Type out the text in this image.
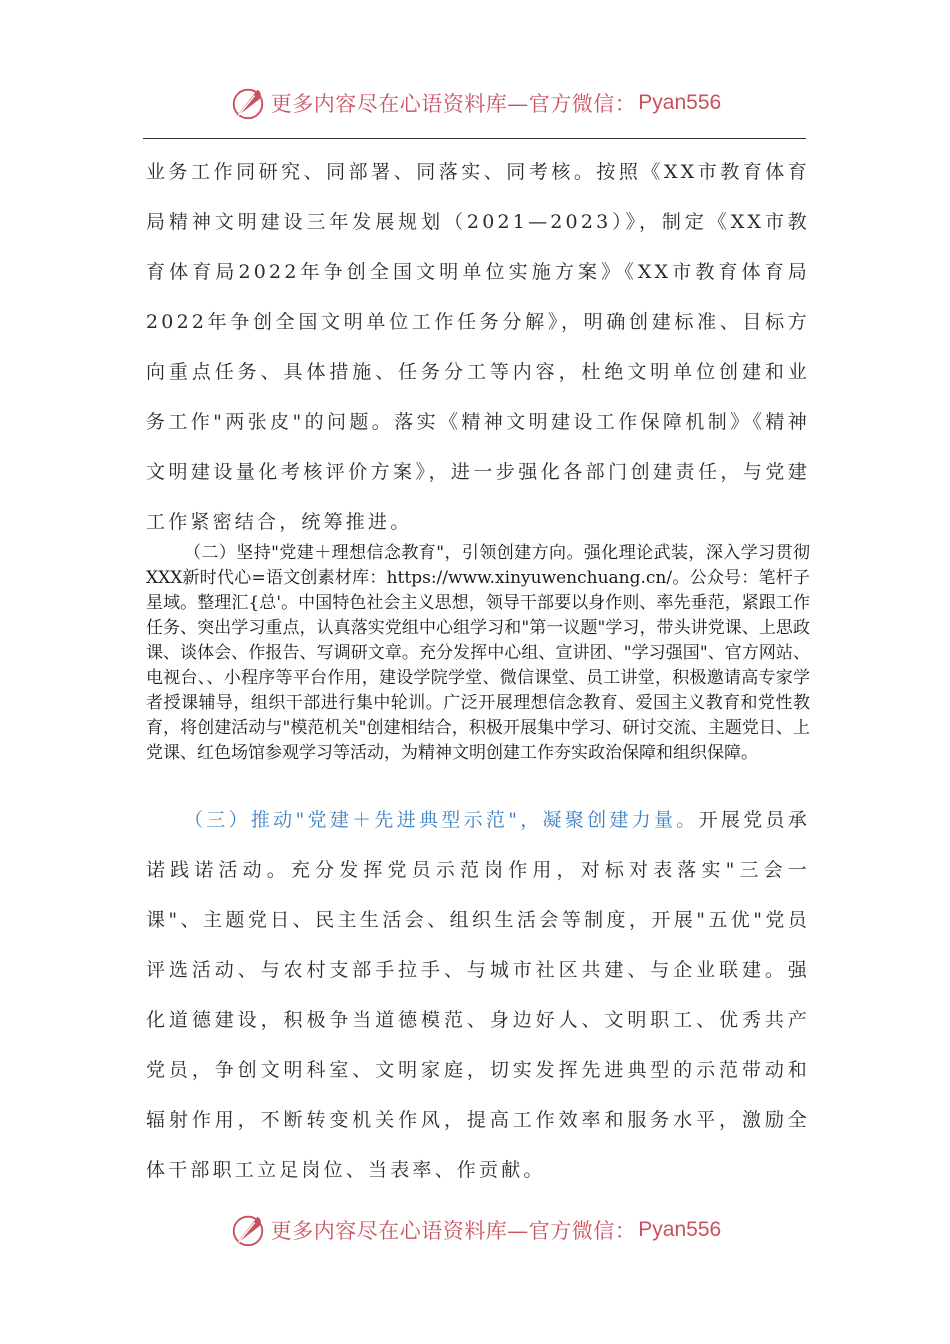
更多内容尽在心语资料库—官方微信： Pyan556

业务工作同研究、同部署、同落实、同考核。按照《XX市教育体育局精神文明建设三年发展规划（2021—2023）》，制定《XX市教育体育局2022年争创全国文明单位实施方案》《XX市教育体育局2022年争创全国文明单位工作任务分解》，明确创建标准、目标方向重点任务、具体措施、任务分工等内容，杜绝文明单位创建和业务工作"两张皮"的问题。落实《精神文明建设工作保障机制》《精神文明建设量化考核评价方案》，进一步强化各部门创建责任，与党建工作紧密结合，统筹推进。

（二）坚持"党建＋理想信念教育"，引领创建方向。强化理论武装，深入学习贯彻XXX新时代心=语文创素材库：https://www.xinyuwenchuang.cn/。公众号：笔杆子星域。整理汇{总'。中国特色社会主义思想，领导干部要以身作则、率先垂范，紧跟工作任务、突出学习重点，认真落实党组中心组学习和"第一议题"学习，带头讲党课、上思政课、谈体会、作报告、写调研文章。充分发挥中心组、宣讲团、"学习强国"、官方网站、电视台、、小程序等平台作用，建设学院学堂、微信课堂、员工讲堂，积极邀请高专家学者授课辅导，组织干部进行集中轮训。广泛开展理想信念教育、爱国主义教育和党性教育，将创建活动与"模范机关"创建相结合，积极开展集中学习、研讨交流、主题党日、上党课、红色场馆参观学习等活动，为精神文明创建工作夯实政治保障和组织保障。

（三）推动"党建＋先进典型示范"，凝聚创建力量。开展党员承诺践诺活动。充分发挥党员示范岗作用，对标对表落实"三会一课"、主题党日、民主生活会、组织生活会等制度，开展"五优"党员评选活动、与农村支部手拉手、与城市社区共建、与企业联建。强化道德建设，积极争当道德模范、身边好人、文明职工、优秀共产党员，争创文明科室、文明家庭，切实发挥先进典型的示范带动和辐射作用，不断转变机关作风，提高工作效率和服务水平，激励全体干部职工立足岗位、当表率、作贡献。

更多内容尽在心语资料库—官方微信： Pyan556
